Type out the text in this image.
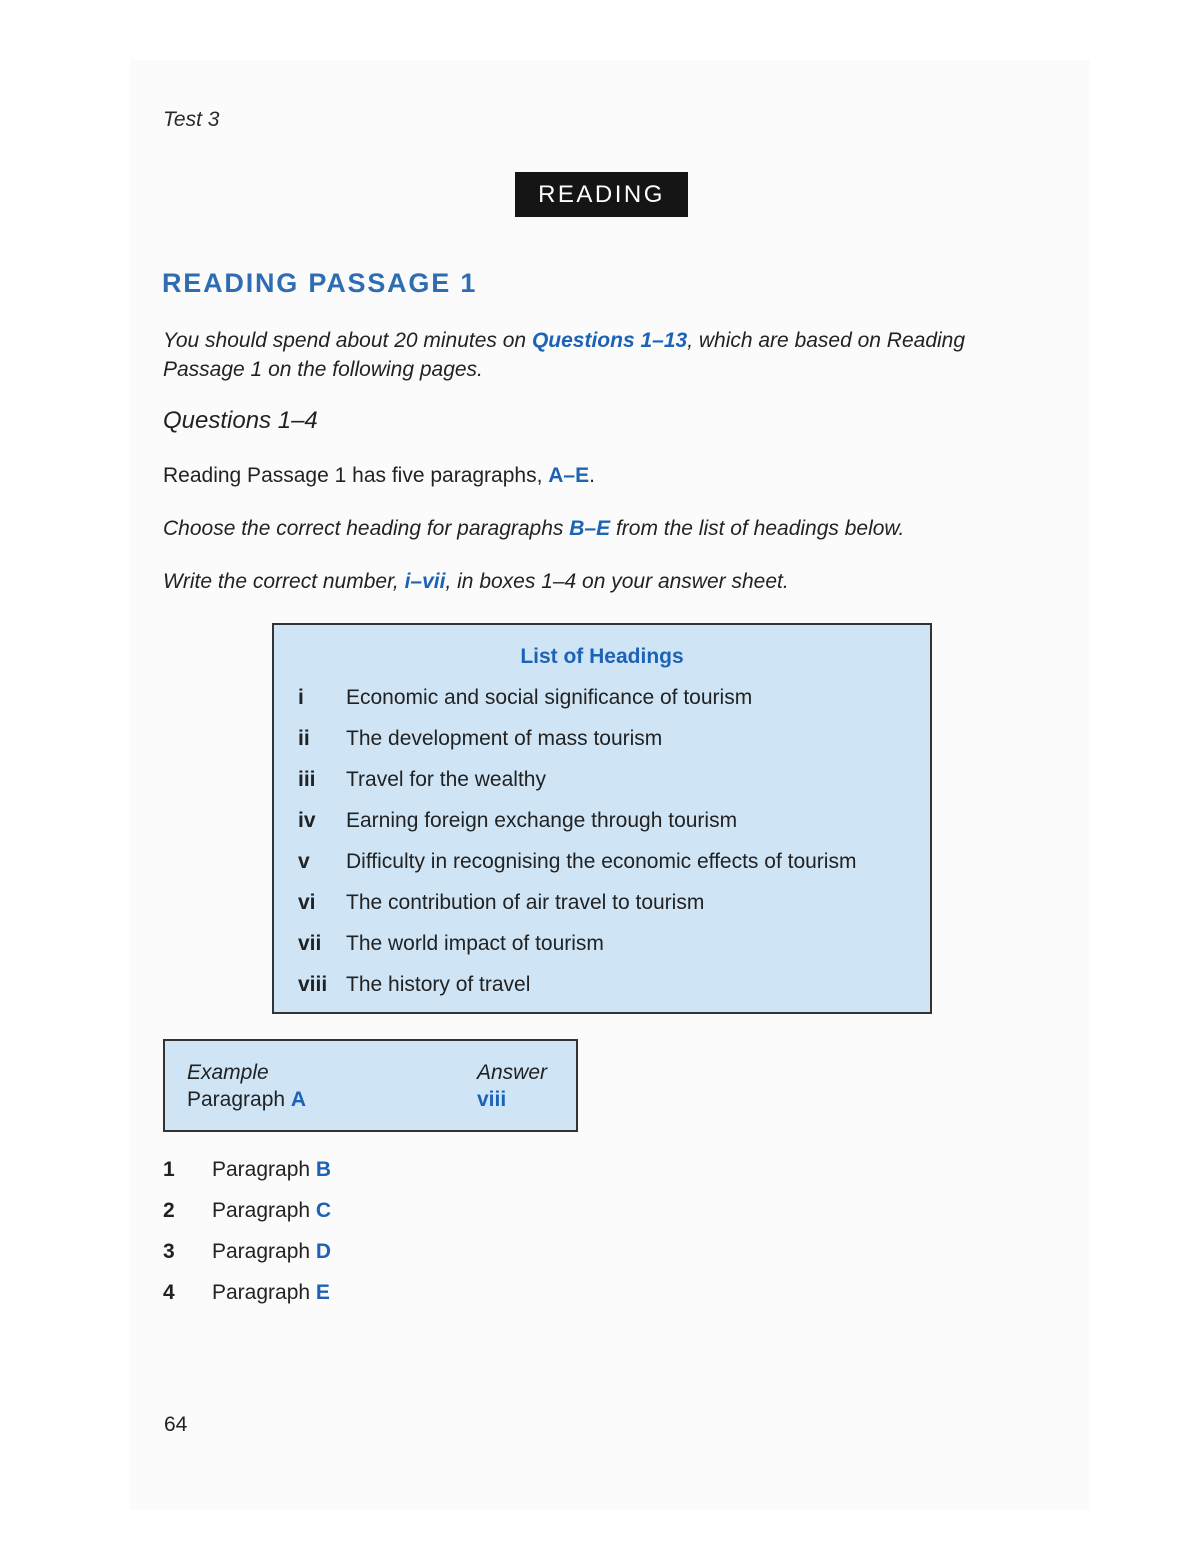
Test 3
READING
READING PASSAGE 1
You should spend about 20 minutes on Questions 1–13, which are based on Reading
Passage 1 on the following pages.
Questions 1–4
Reading Passage 1 has five paragraphs, A–E.
Choose the correct heading for paragraphs B–E from the list of headings below.
Write the correct number, i–vii, in boxes 1–4 on your answer sheet.
List of Headings
i Economic and social significance of tourism
ii The development of mass tourism
iii Travel for the wealthy
iv Earning foreign exchange through tourism
v Difficulty in recognising the economic effects of tourism
vi The contribution of air travel to tourism
vii The world impact of tourism
viii The history of travel
Example
Paragraph A
Answer
viii
1 Paragraph B
2 Paragraph C
3 Paragraph D
4 Paragraph E
64
